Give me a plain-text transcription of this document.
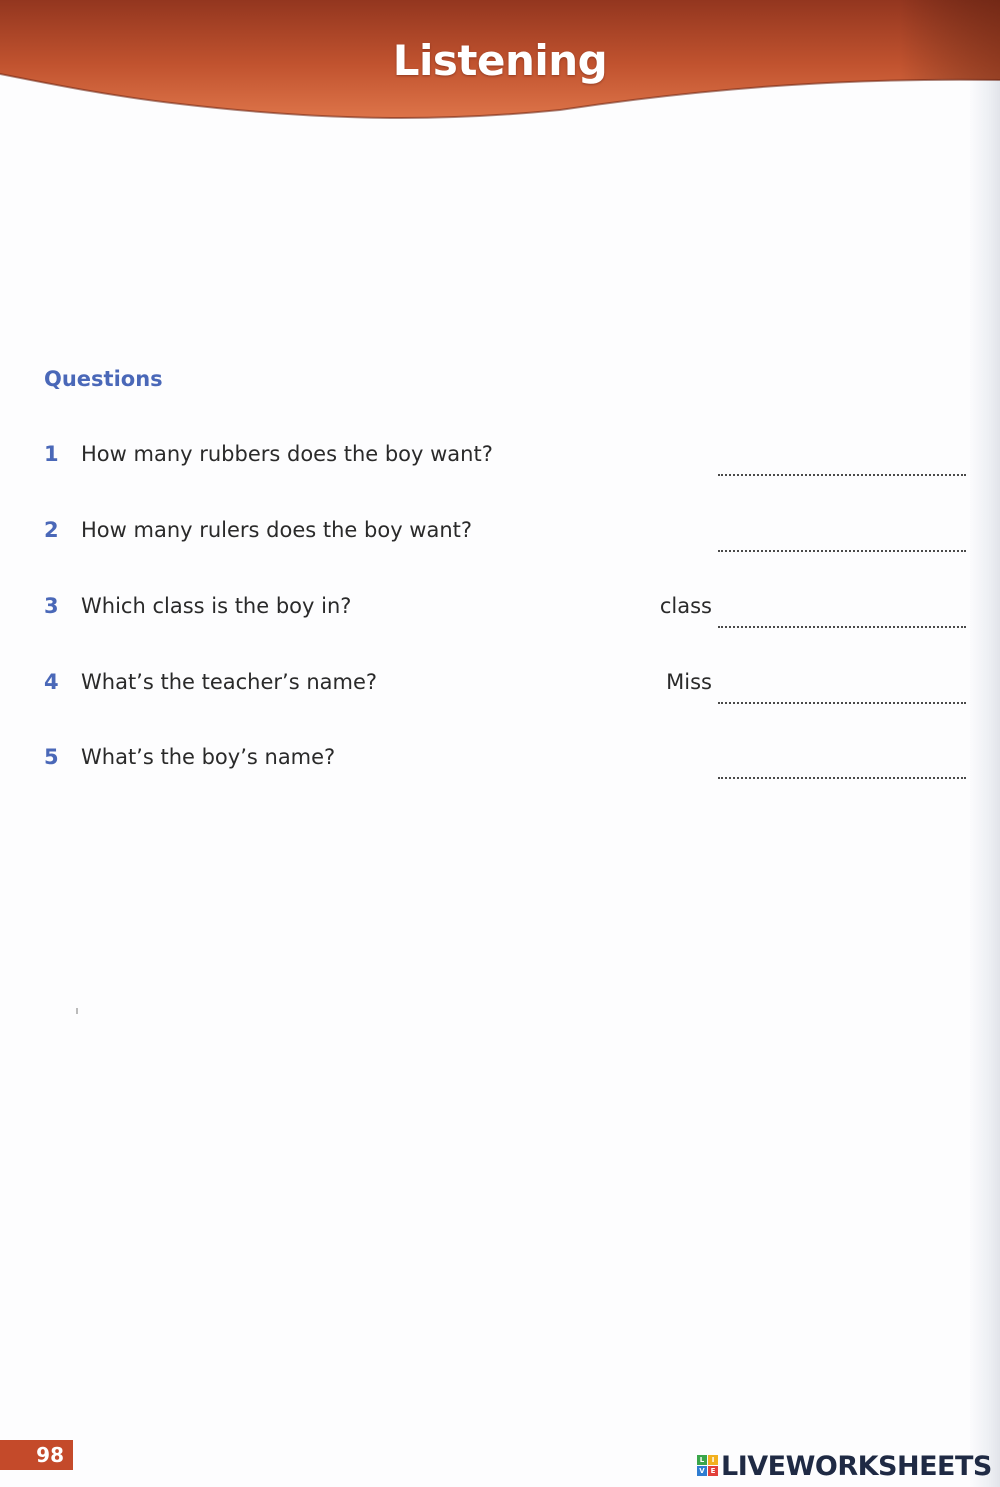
Listening
Questions
1 How many rubbers does the boy want?
2 How many rulers does the boy want?
3 Which class is the boy in?	class
4 What’s the teacher’s name?	Miss
5 What’s the boy’s name?
98	L	I
V E LIVEWORKSHEETS
